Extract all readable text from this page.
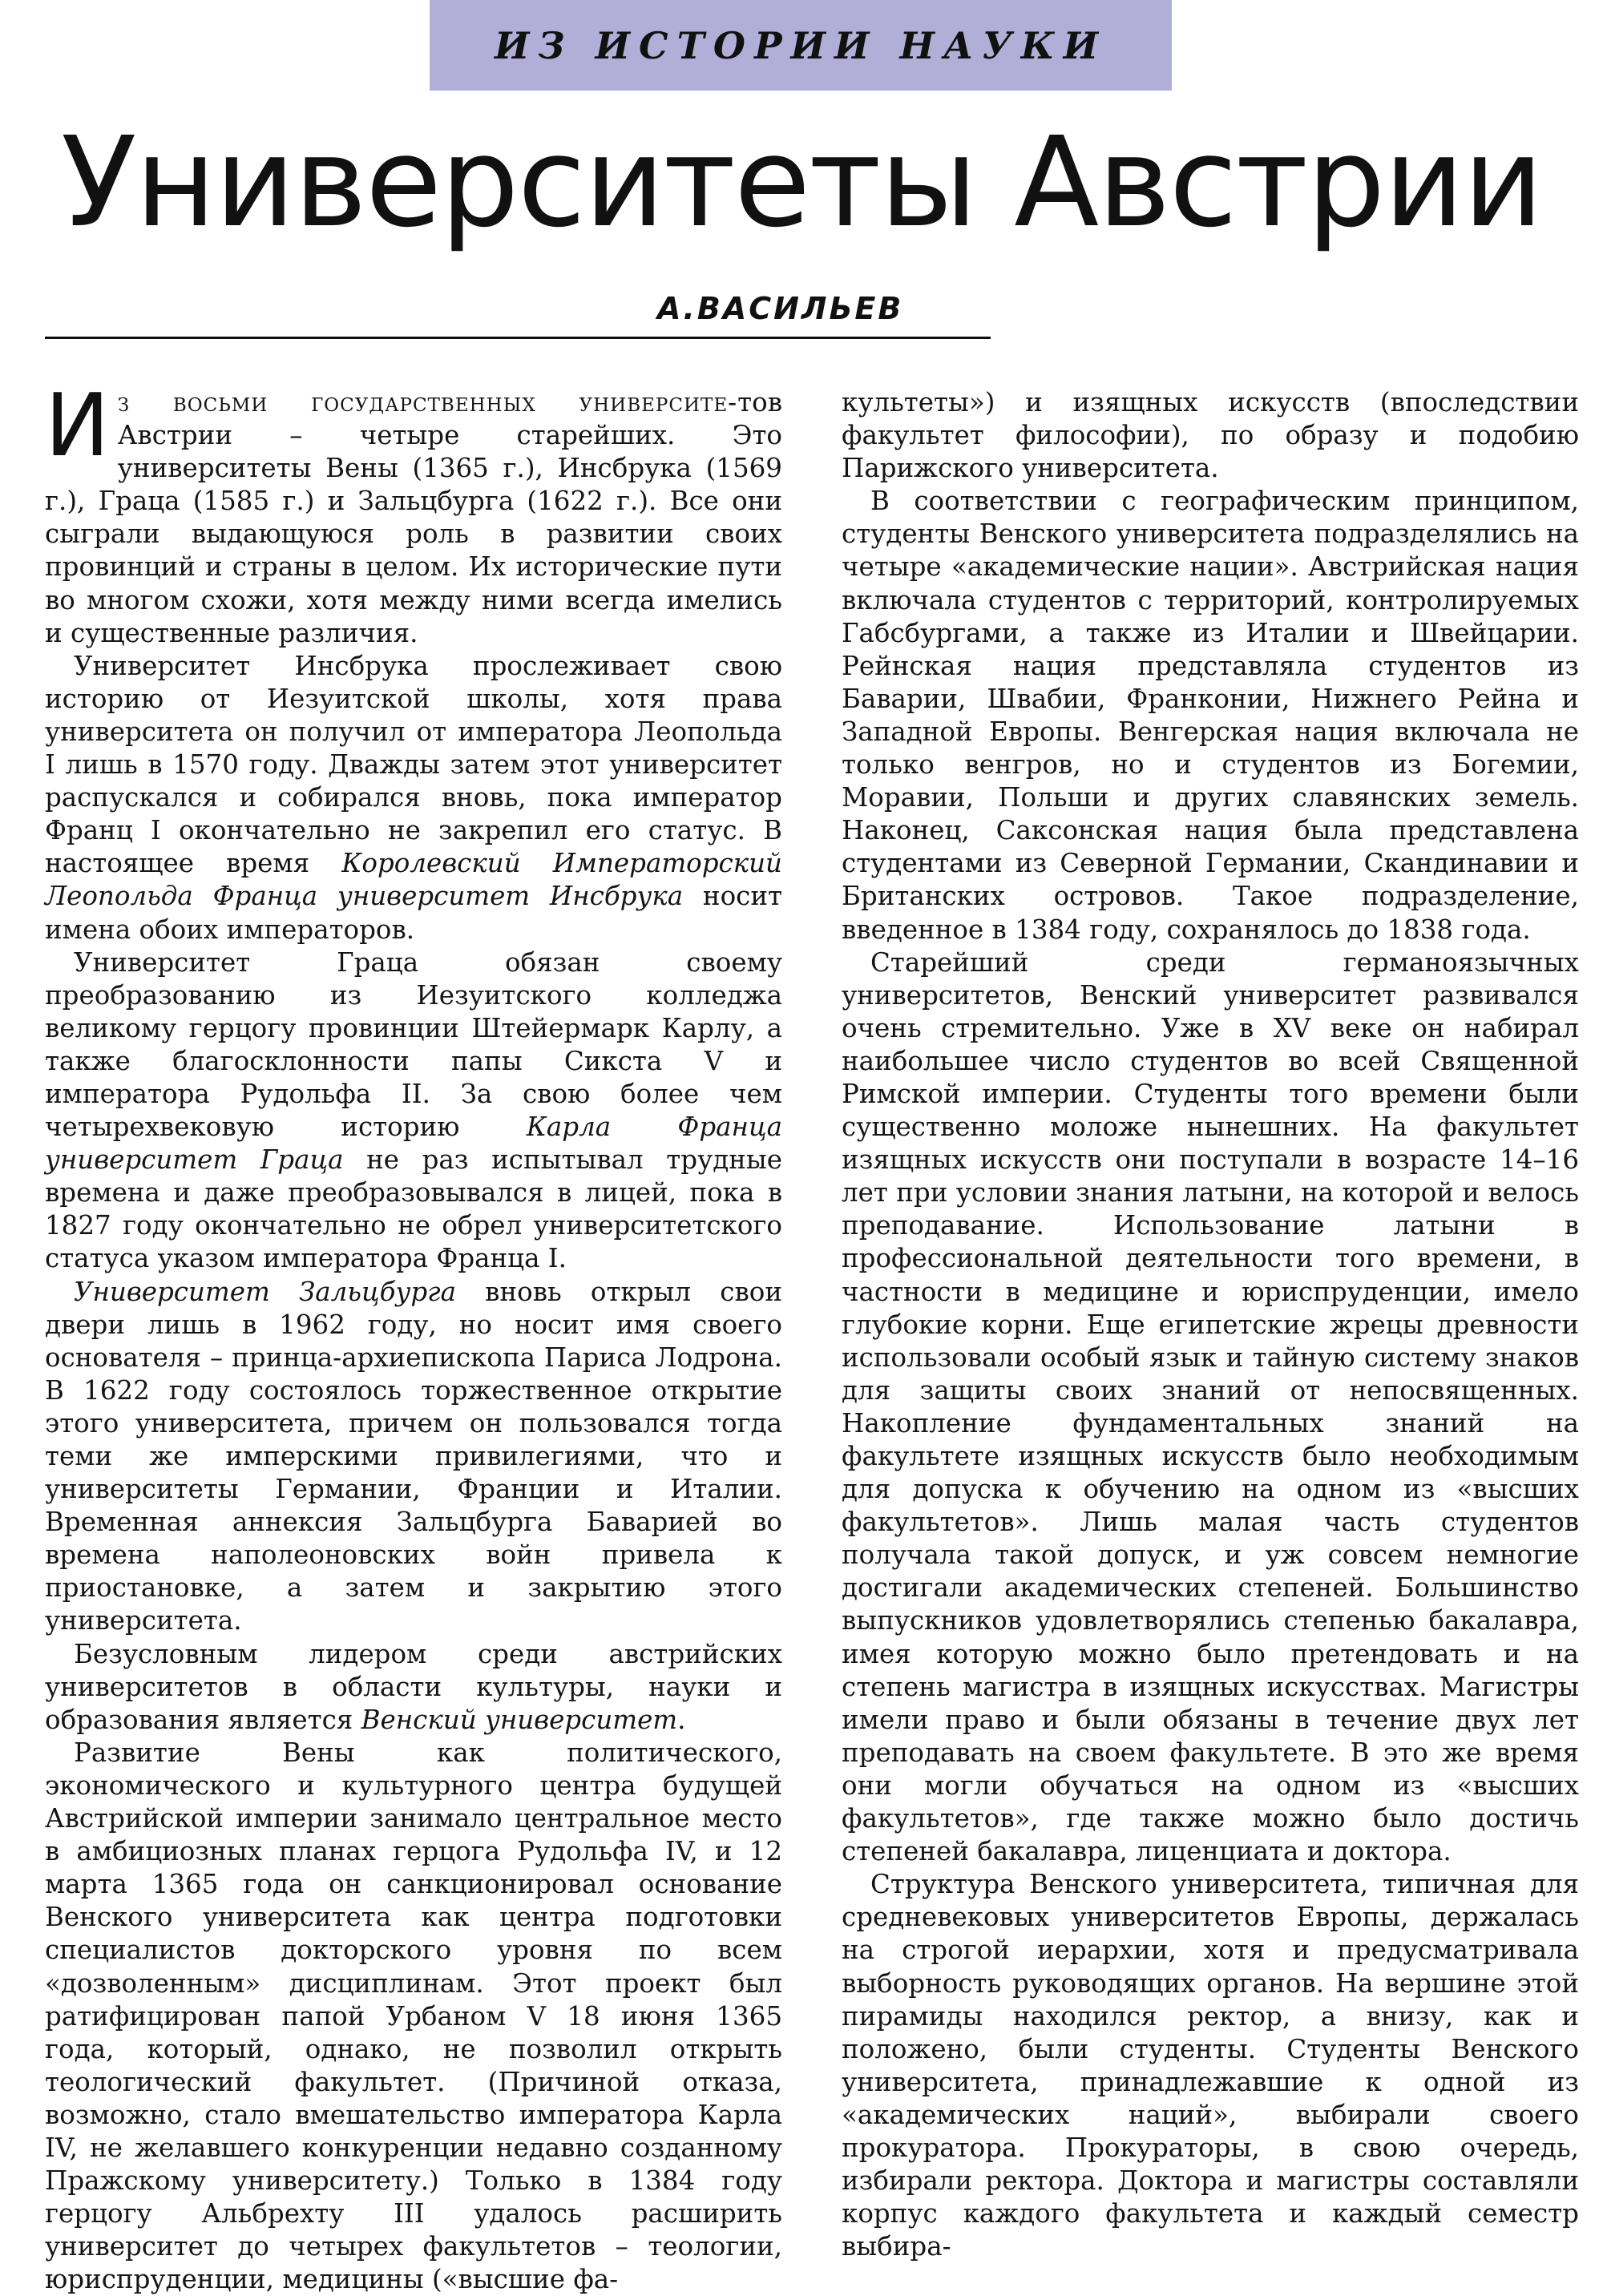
ИЗ ИСТОРИИ НАУКИ
Университеты Австрии
А.ВАСИЛЬЕВ

Из восьми государственных университе-тов Австрии – четыре старейших. Это университеты Вены (1365 г.), Инсбрука (1569 г.), Граца (1585 г.) и Зальцбурга (1622 г.). Все они сыграли выдающуюся роль в развитии своих провинций и страны в целом. Их исторические пути во многом схожи, хотя между ними всегда имелись и существенные различия.

Университет Инсбрука прослеживает свою историю от Иезуитской школы, хотя права университета он получил от императора Леопольда I лишь в 1570 году. Дважды затем этот университет распускался и собирался вновь, пока император Франц I окончательно не закрепил его статус. В настоящее время Королевский Императорский Леопольда Франца университет Инсбрука носит имена обоих императоров.

Университет Граца обязан своему преобразованию из Иезуитского колледжа великому герцогу провинции Штейермарк Карлу, а также благосклонности папы Сикста V и императора Рудольфа II. За свою более чем четырехвековую историю Карла Франца университет Граца не раз испытывал трудные времена и даже преобразовывался в лицей, пока в 1827 году окончательно не обрел университетского статуса указом императора Франца I.

Университет Зальцбурга вновь открыл свои двери лишь в 1962 году, но носит имя своего основателя – принца-архиепископа Париса Лодрона. В 1622 году состоялось торжественное открытие этого университета, причем он пользовался тогда теми же имперскими привилегиями, что и университеты Германии, Франции и Италии. Временная аннексия Зальцбурга Баварией во времена наполеоновских войн привела к приостановке, а затем и закрытию этого университета.

Безусловным лидером среди австрийских университетов в области культуры, науки и образования является Венский университет.

Развитие Вены как политического, экономического и культурного центра будущей Австрийской империи занимало центральное место в амбициозных планах герцога Рудольфа IV, и 12 марта 1365 года он санкционировал основание Венского университета как центра подготовки специалистов докторского уровня по всем «дозволенным» дисциплинам. Этот проект был ратифицирован папой Урбаном V 18 июня 1365 года, который, однако, не позволил открыть теологический факультет. (Причиной отказа, возможно, стало вмешательство императора Карла IV, не желавшего конкуренции недавно созданному Пражскому университету.) Только в 1384 году герцогу Альбрехту III удалось расширить университет до четырех факультетов – теологии, юриспруденции, медицины («высшие фа-

культеты») и изящных искусств (впоследствии факультет философии), по образу и подобию Парижского университета.

В соответствии с географическим принципом, студенты Венского университета подразделялись на четыре «академические нации». Австрийская нация включала студентов с территорий, контролируемых Габсбургами, а также из Италии и Швейцарии. Рейнская нация представляла студентов из Баварии, Швабии, Франконии, Нижнего Рейна и Западной Европы. Венгерская нация включала не только венгров, но и студентов из Богемии, Моравии, Польши и других славянских земель. Наконец, Саксонская нация была представлена студентами из Северной Германии, Скандинавии и Британских островов. Такое подразделение, введенное в 1384 году, сохранялось до 1838 года.

Старейший среди германоязычных университетов, Венский университет развивался очень стремительно. Уже в XV веке он набирал наибольшее число студентов во всей Священной Римской империи. Студенты того времени были существенно моложе нынешних. На факультет изящных искусств они поступали в возрасте 14–16 лет при условии знания латыни, на которой и велось преподавание. Использование латыни в профессиональной деятельности того времени, в частности в медицине и юриспруденции, имело глубокие корни. Еще египетские жрецы древности использовали особый язык и тайную систему знаков для защиты своих знаний от непосвященных. Накопление фундаментальных знаний на факультете изящных искусств было необходимым для допуска к обучению на одном из «высших факультетов». Лишь малая часть студентов получала такой допуск, и уж совсем немногие достигали академических степеней. Большинство выпускников удовлетворялись степенью бакалавра, имея которую можно было претендовать и на степень магистра в изящных искусствах. Магистры имели право и были обязаны в течение двух лет преподавать на своем факультете. В это же время они могли обучаться на одном из «высших факультетов», где также можно было достичь степеней бакалавра, лиценциата и доктора.

Структура Венского университета, типичная для средневековых университетов Европы, держалась на строгой иерархии, хотя и предусматривала выборность руководящих органов. На вершине этой пирамиды находился ректор, а внизу, как и положено, были студенты. Студенты Венского университета, принадлежавшие к одной из «академических наций», выбирали своего прокуратора. Прокураторы, в свою очередь, избирали ректора. Доктора и магистры составляли корпус каждого факультета и каждый семестр выбира-
